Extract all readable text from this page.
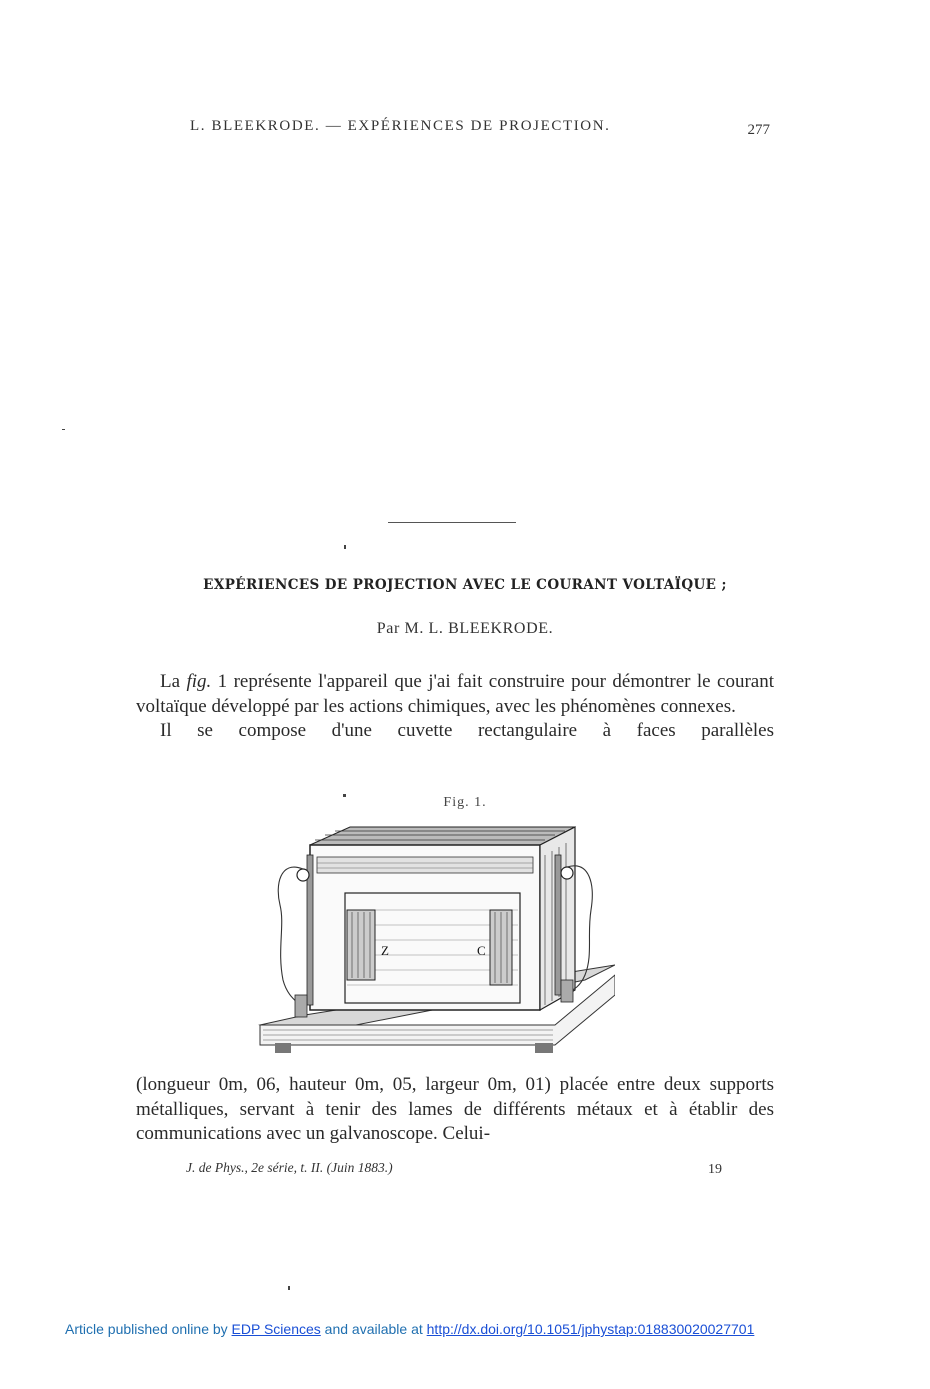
L. BLEEKRODE. — EXPÉRIENCES DE PROJECTION.	277
EXPÉRIENCES DE PROJECTION AVEC LE COURANT VOLTAÏQUE ;
Par M. L. BLEEKRODE.

La fig. 1 représente l'appareil que j'ai fait construire pour démontrer le courant voltaïque développé par les actions chimiques, avec les phénomènes connexes.

Il se compose d'une cuvette rectangulaire à faces parallèles

Fig. 1.
Z	C

(longueur 0m, 06, hauteur 0m, 05, largeur 0m, 01) placée entre deux supports métalliques, servant à tenir des lames de différents métaux et à établir des communications avec un galvanoscope. Celui-

J. de Phys., 2e série, t. II. (Juin 1883.)	19
Article published online by EDP Sciences and available at http://dx.doi.org/10.1051/jphystap:018830020027701
